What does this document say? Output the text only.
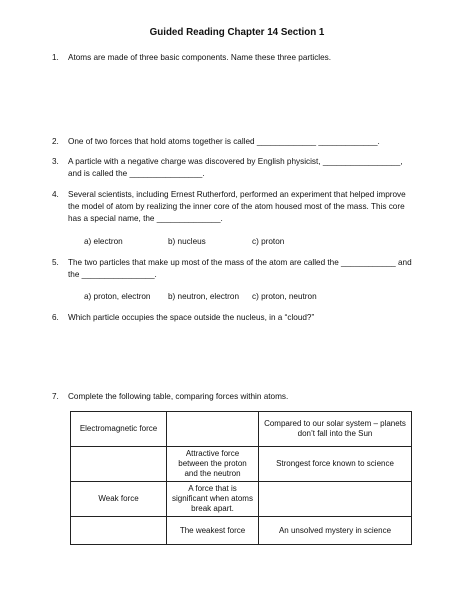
Guided Reading Chapter 14 Section 1
1. Atoms are made of three basic components. Name these three particles.
2. One of two forces that hold atoms together is called _____________ _____________.
3. A particle with a negative charge was discovered by English physicist, _________________, and is called the ________________.
4. Several scientists, including Ernest Rutherford, performed an experiment that helped improve the model of atom by realizing the inner core of the atom housed most of the mass. This core has a special name, the ______________.
a) electron	b) nucleus	c) proton
5. The two particles that make up most of the mass of the atom are called the ____________ and the ________________.
a) proton, electron	b) neutron, electron	c) proton, neutron
6. Which particle occupies the space outside the nucleus, in a “cloud?”
7. Complete the following table, comparing forces within atoms.
Electromagnetic force		Compared to our solar system – planets don’t fall into the Sun
	Attractive force between the proton and the neutron	Strongest force known to science
Weak force	A force that is significant when atoms break apart.	
	The weakest force	An unsolved mystery in science
